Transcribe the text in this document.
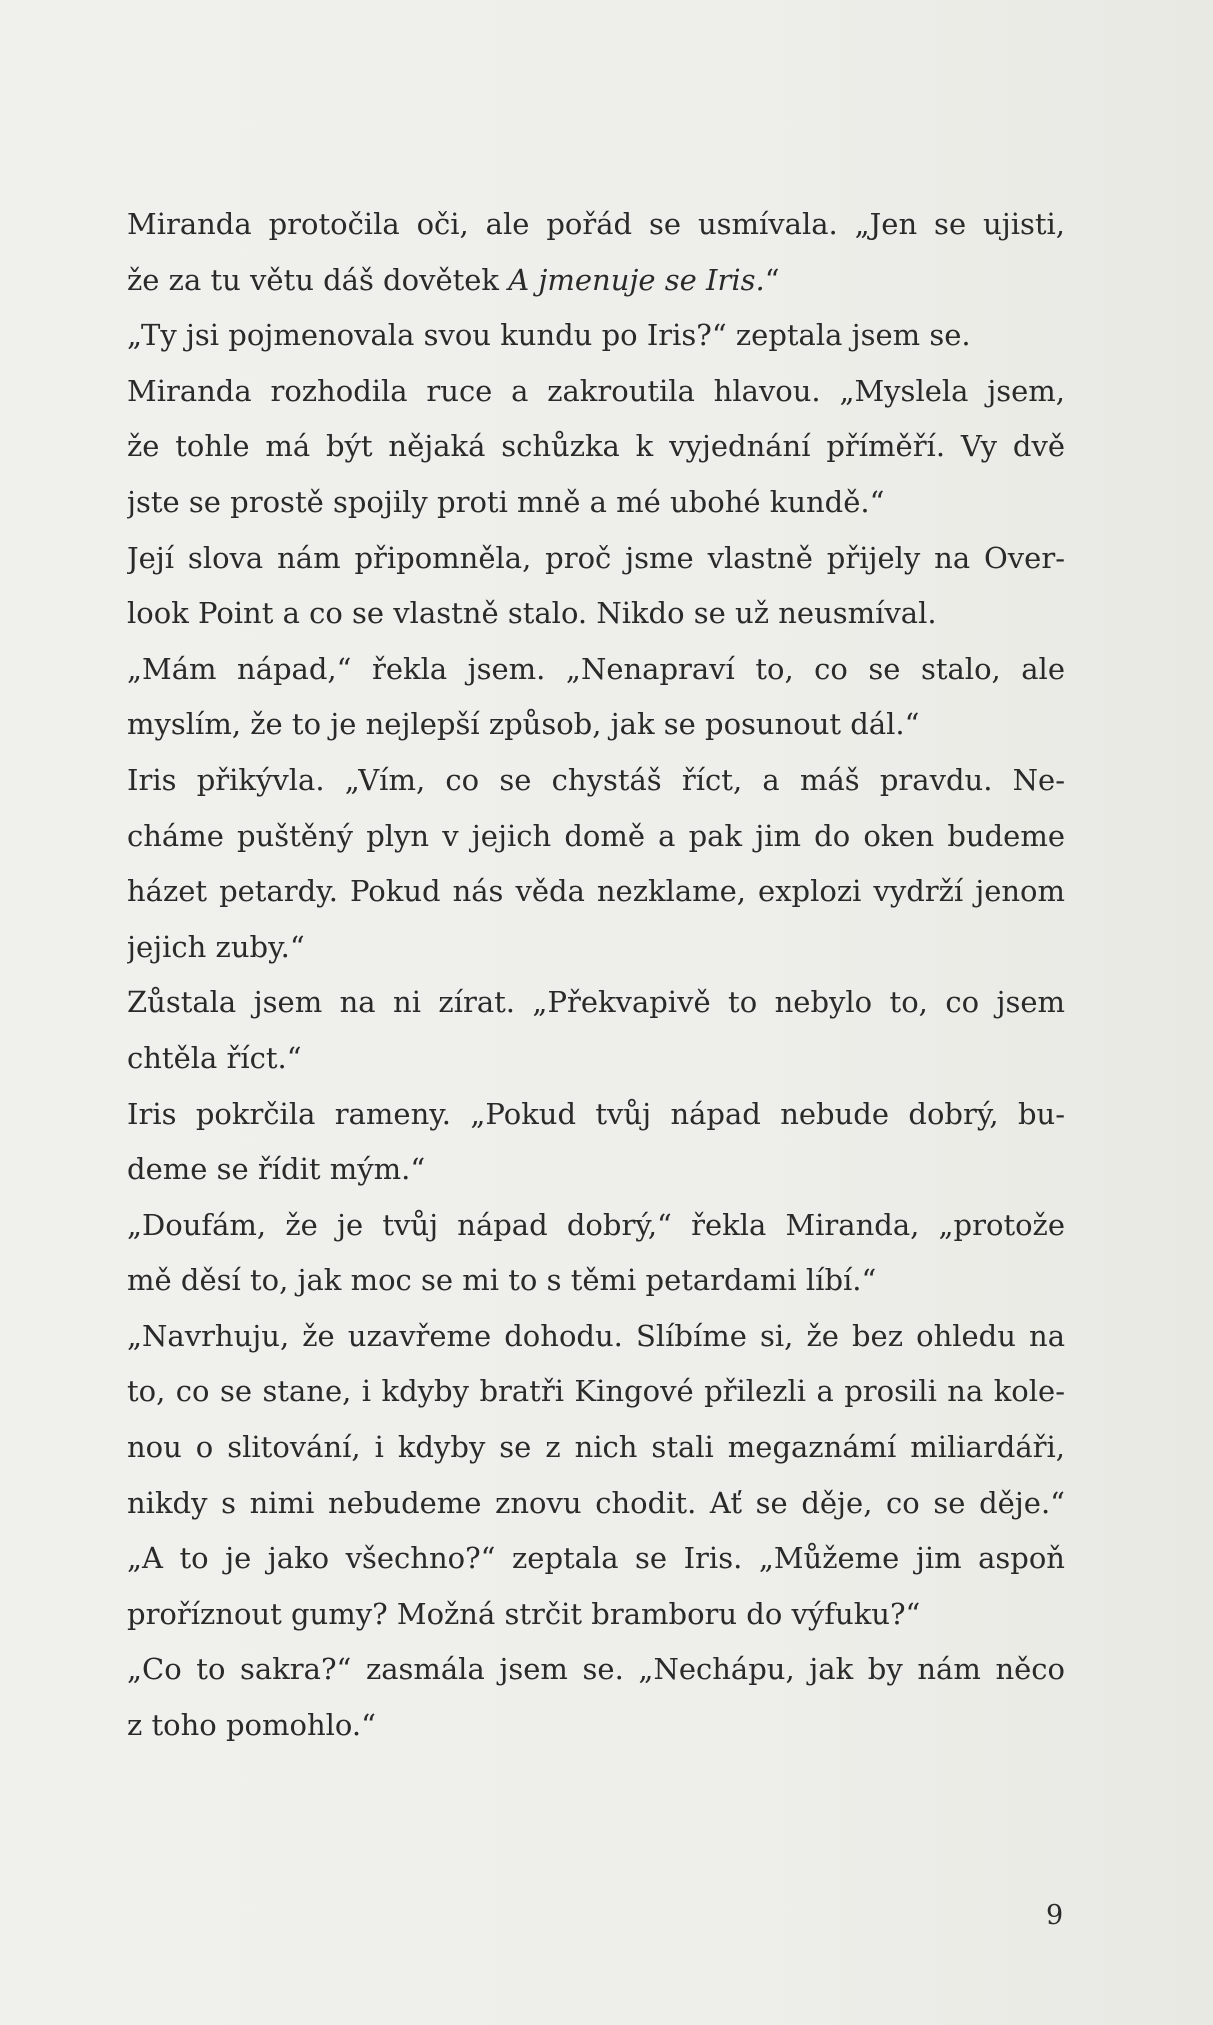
Miranda protočila oči, ale pořád se usmívala. „Jen se ujisti,
že za tu větu dáš dovětek A jmenuje se Iris.“
„Ty jsi pojmenovala svou kundu po Iris?“ zeptala jsem se.
Miranda rozhodila ruce a zakroutila hlavou. „Myslela jsem,
že tohle má být nějaká schůzka k vyjednání příměří. Vy dvě
jste se prostě spojily proti mně a mé ubohé kundě.“
Její slova nám připomněla, proč jsme vlastně přijely na Over-
look Point a co se vlastně stalo. Nikdo se už neusmíval.
„Mám nápad,“ řekla jsem. „Nenapraví to, co se stalo, ale
myslím, že to je nejlepší způsob, jak se posunout dál.“
Iris přikývla. „Vím, co se chystáš říct, a máš pravdu. Ne-
cháme puštěný plyn v jejich domě a pak jim do oken budeme
házet petardy. Pokud nás věda nezklame, explozi vydrží jenom
jejich zuby.“
Zůstala jsem na ni zírat. „Překvapivě to nebylo to, co jsem
chtěla říct.“
Iris pokrčila rameny. „Pokud tvůj nápad nebude dobrý, bu-
deme se řídit mým.“
„Doufám, že je tvůj nápad dobrý,“ řekla Miranda, „protože
mě děsí to, jak moc se mi to s těmi petardami líbí.“
„Navrhuju, že uzavřeme dohodu. Slíbíme si, že bez ohledu na
to, co se stane, i kdyby bratři Kingové přilezli a prosili na kole-
nou o slitování, i kdyby se z nich stali megaznámí miliardáři,
nikdy s nimi nebudeme znovu chodit. Ať se děje, co se děje.“
„A to je jako všechno?“ zeptala se Iris. „Můžeme jim aspoň
proříznout gumy? Možná strčit bramboru do výfuku?“
„Co to sakra?“ zasmála jsem se. „Nechápu, jak by nám něco
z toho pomohlo.“
9
